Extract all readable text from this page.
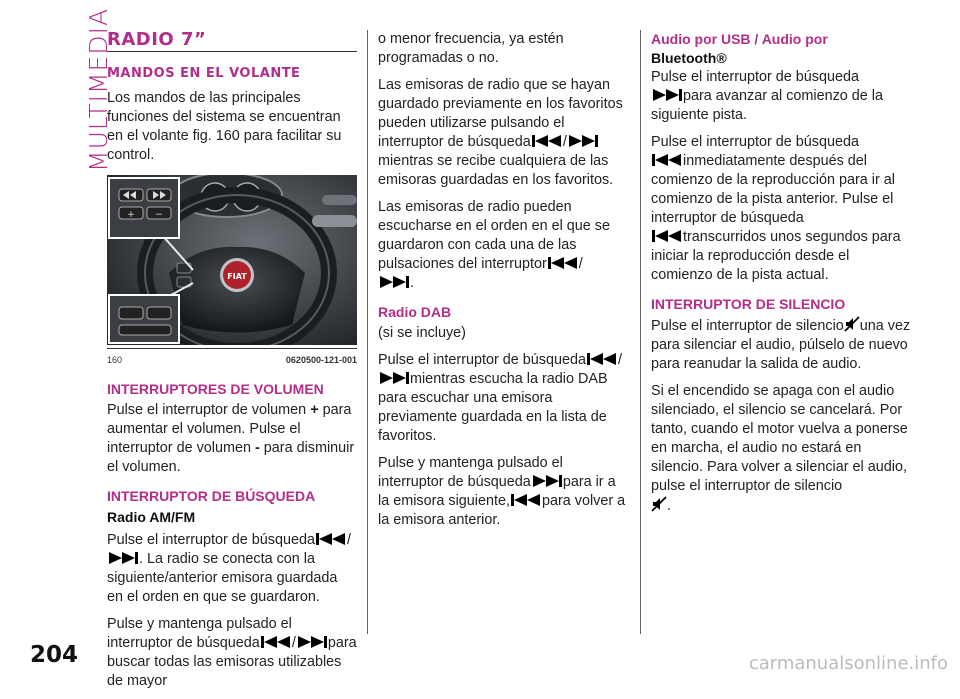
MULTIMEDIA
RADIO 7”
MANDOS EN EL VOLANTE

Los mandos de las principales funciones del sistema se encuentran en el volante fig. 160 para facilitar su control.

FIAT
+ −
160	0620500-121-001
INTERRUPTORES DE VOLUMEN

Pulse el interruptor de volumen + para aumentar el volumen. Pulse el interruptor de volumen - para disminuir el volumen.

INTERRUPTOR DE BÚSQUEDA
Radio AM/FM

Pulse el interruptor de búsqueda /
. La radio se conecta con la siguiente/anterior emisora guardada en el orden en que se guardaron.

Pulse y mantenga pulsado el interruptor de búsqueda / para buscar todas las emisoras utilizables de mayor

o menor frecuencia, ya estén programadas o no.

Las emisoras de radio que se hayan guardado previamente en los favoritos pueden utilizarse pulsando el interruptor de búsqueda /mientras se recibe cualquiera de las emisoras guardadas en los favoritos.

Las emisoras de radio pueden escucharse en el orden en el que se guardaron con cada una de las pulsaciones del interruptor /
.

Radio DAB

(si se incluye)

Pulse el interruptor de búsqueda /
mientras escucha la radio DAB para escuchar una emisora previamente guardada en la lista de favoritos.

Pulse y mantenga pulsado el interruptor de búsqueda para ir a la emisora siguiente, para volver a la emisora anterior.

Audio por USB / Audio por
Bluetooth®

Pulse el interruptor de búsqueda
para avanzar al comienzo de la siguiente pista.

Pulse el interruptor de búsqueda
inmediatamente después del comienzo de la reproducción para ir al comienzo de la pista anterior. Pulse el interruptor de búsqueda
transcurridos unos segundos para iniciar la reproducción desde el comienzo de la pista actual.

INTERRUPTOR DE SILENCIO

Pulse el interruptor de silencio una vez para silenciar el audio, púlselo de nuevo para reanudar la salida de audio.

Si el encendido se apaga con el audio silenciado, el silencio se cancelará. Por tanto, cuando el motor vuelva a ponerse en marcha, el audio no estará en silencio. Para volver a silenciar el audio, pulse el interruptor de silencio
.

204	carmanualsonline.info
